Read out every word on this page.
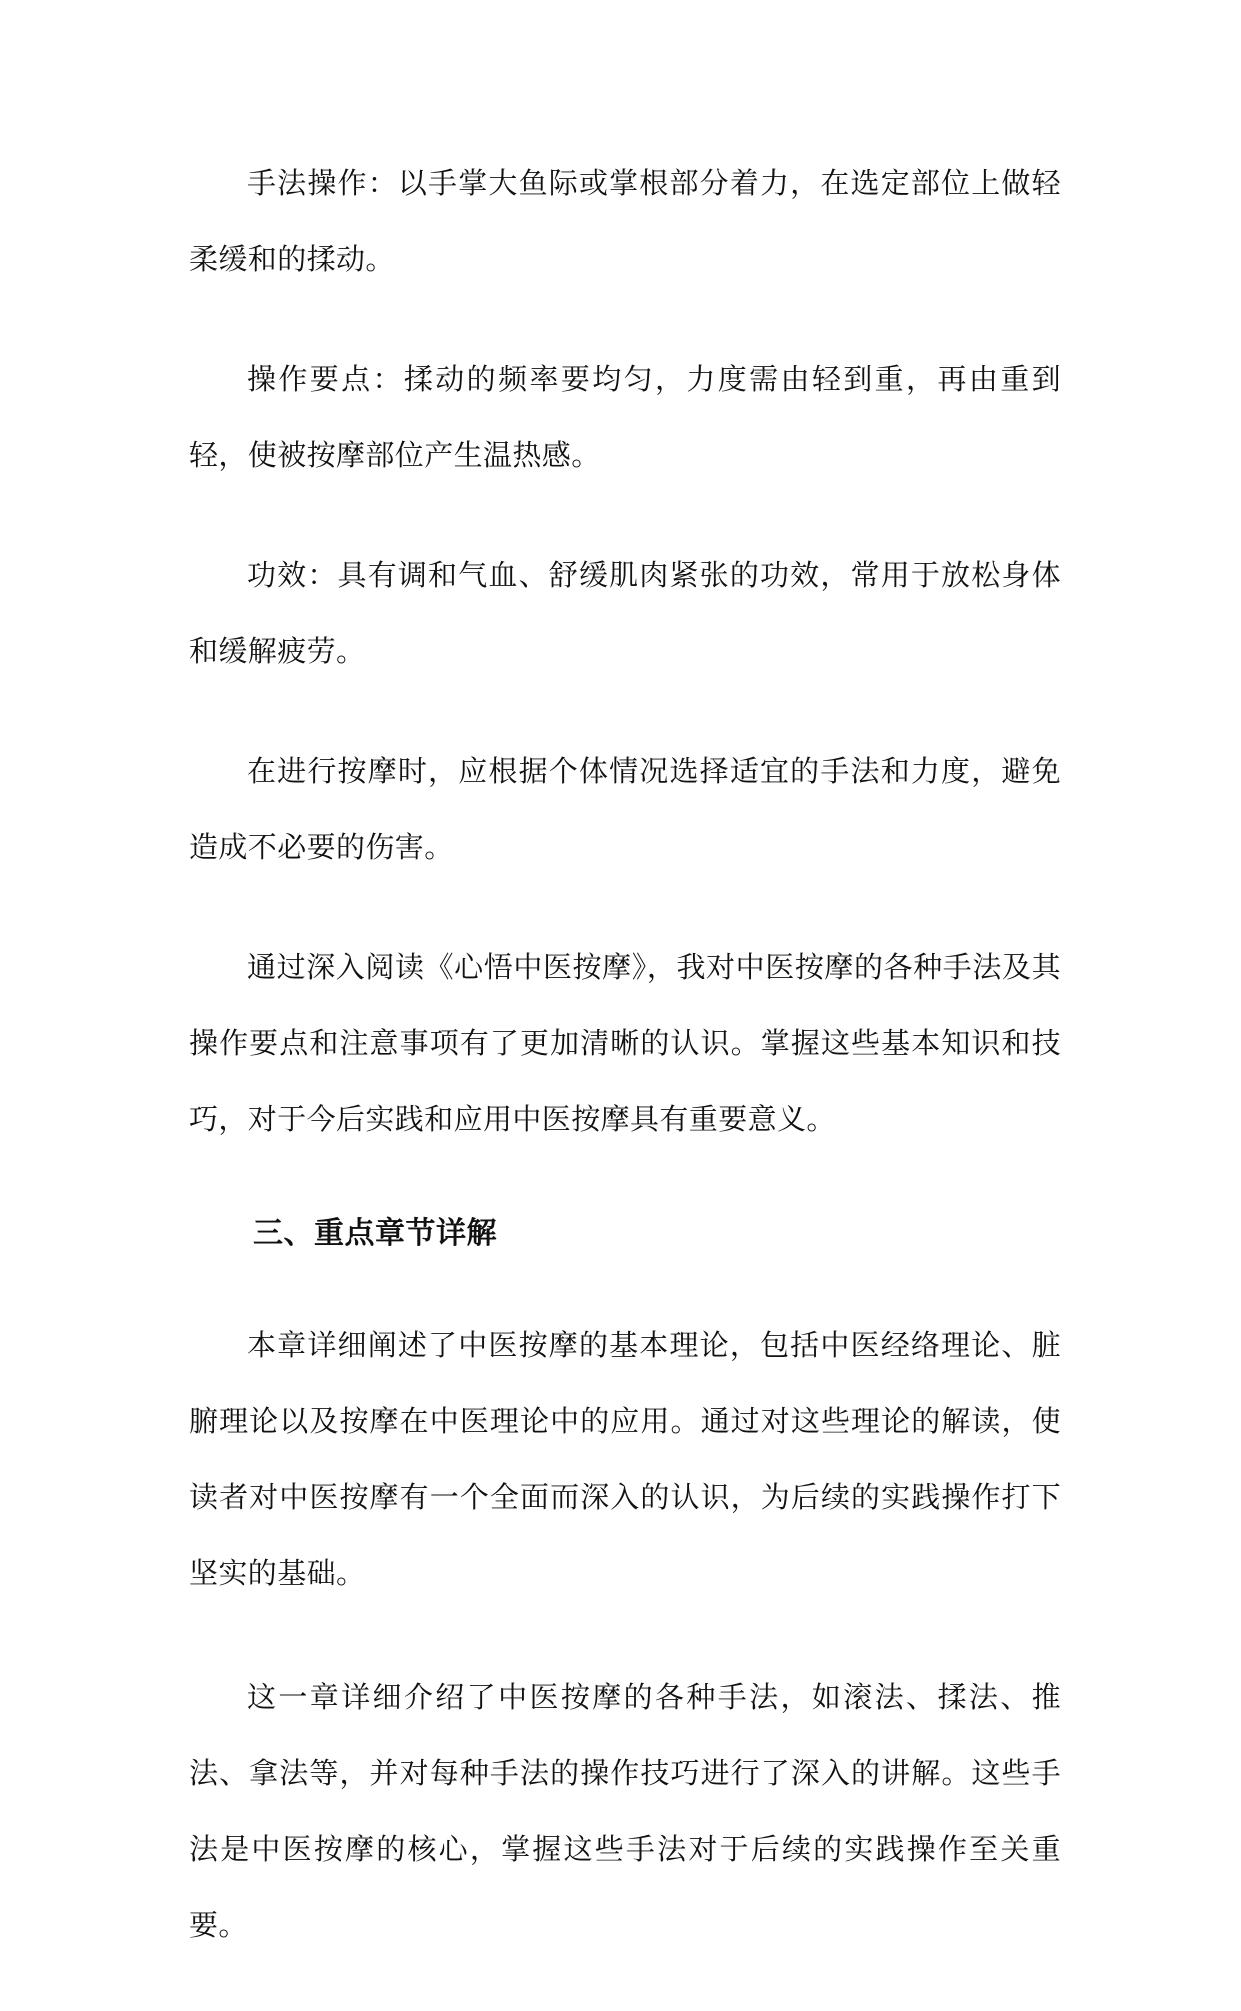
手法操作：以手掌大鱼际或掌根部分着力，在选定部位上做轻柔缓和的揉动。

操作要点：揉动的频率要均匀，力度需由轻到重，再由重到轻，使被按摩部位产生温热感。

功效：具有调和气血、舒缓肌肉紧张的功效，常用于放松身体和缓解疲劳。

在进行按摩时，应根据个体情况选择适宜的手法和力度，避免造成不必要的伤害。

通过深入阅读《心悟中医按摩》，我对中医按摩的各种手法及其操作要点和注意事项有了更加清晰的认识。掌握这些基本知识和技巧，对于今后实践和应用中医按摩具有重要意义。

三、重点章节详解

本章详细阐述了中医按摩的基本理论，包括中医经络理论、脏腑理论以及按摩在中医理论中的应用。通过对这些理论的解读，使读者对中医按摩有一个全面而深入的认识，为后续的实践操作打下坚实的基础。

这一章详细介绍了中医按摩的各种手法，如滚法、揉法、推法、拿法等，并对每种手法的操作技巧进行了深入的讲解。这些手法是中医按摩的核心，掌握这些手法对于后续的实践操作至关重要。
